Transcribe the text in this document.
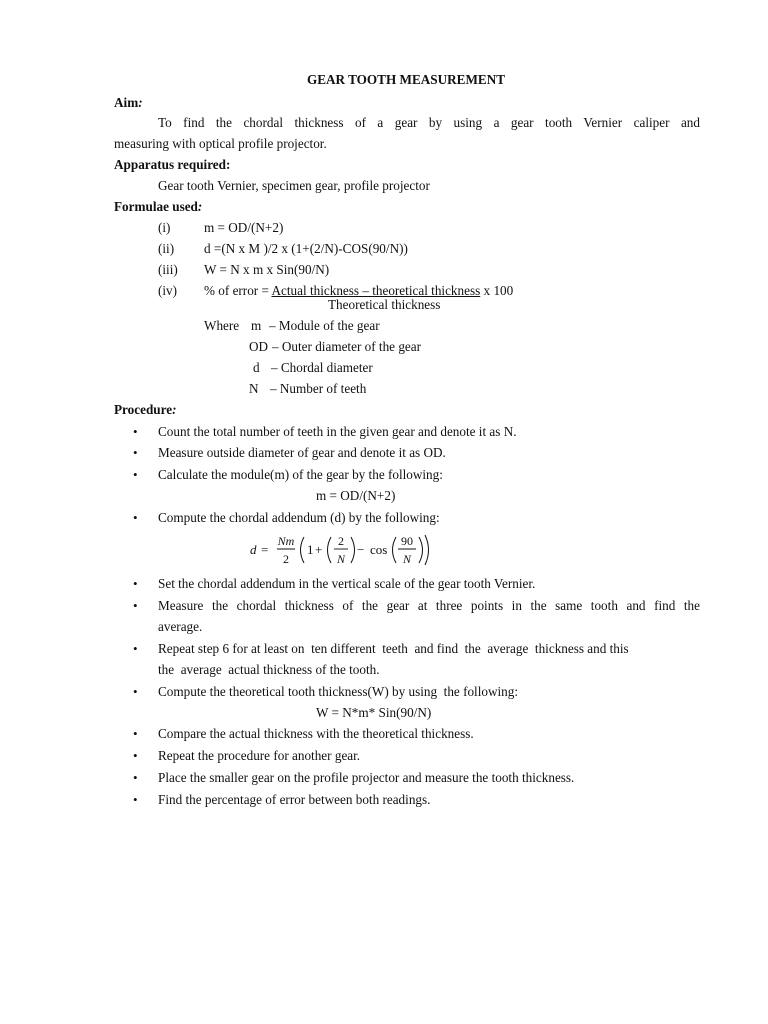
GEAR TOOTH MEASUREMENT
Aim:
To find the chordal thickness of a gear by using a gear tooth Vernier caliper and
measuring with optical profile projector.
Apparatus required:
Gear tooth Vernier, specimen gear, profile projector
Formulae used:
(i)	m = OD/(N+2)
(ii) d =(N x M )/2 x (1+(2/N)-COS(90/N))
(iii) W = N x m x Sin(90/N)
(iv) % of error = Actual thickness – theoretical thickness x 100
Theoretical thickness
Where m – Module of the gear
OD – Outer diameter of the gear
d – Chordal diameter
N – Number of teeth
Procedure:
• Count the total number of teeth in the given gear and denote it as N.
• Measure outside diameter of gear and denote it as OD.
• Calculate the module(m) of the gear by the following:
m = OD/(N+2)
• Compute the chordal addendum (d) by the following:
d =
Nm
2
1 +
2
N
− cos
90
N
• Set the chordal addendum in the vertical scale of the gear tooth Vernier.
• Measure the chordal thickness of the gear at three points in the same tooth and find the
average.
• Repeat step 6 for at least on  ten different  teeth  and find  the  average  thickness and this
the  average  actual thickness of the tooth.
• Compute the theoretical tooth thickness(W) by using  the following:
W = N*m* Sin(90/N)
• Compare the actual thickness with the theoretical thickness.
• Repeat the procedure for another gear.
• Place the smaller gear on the profile projector and measure the tooth thickness.
• Find the percentage of error between both readings.
